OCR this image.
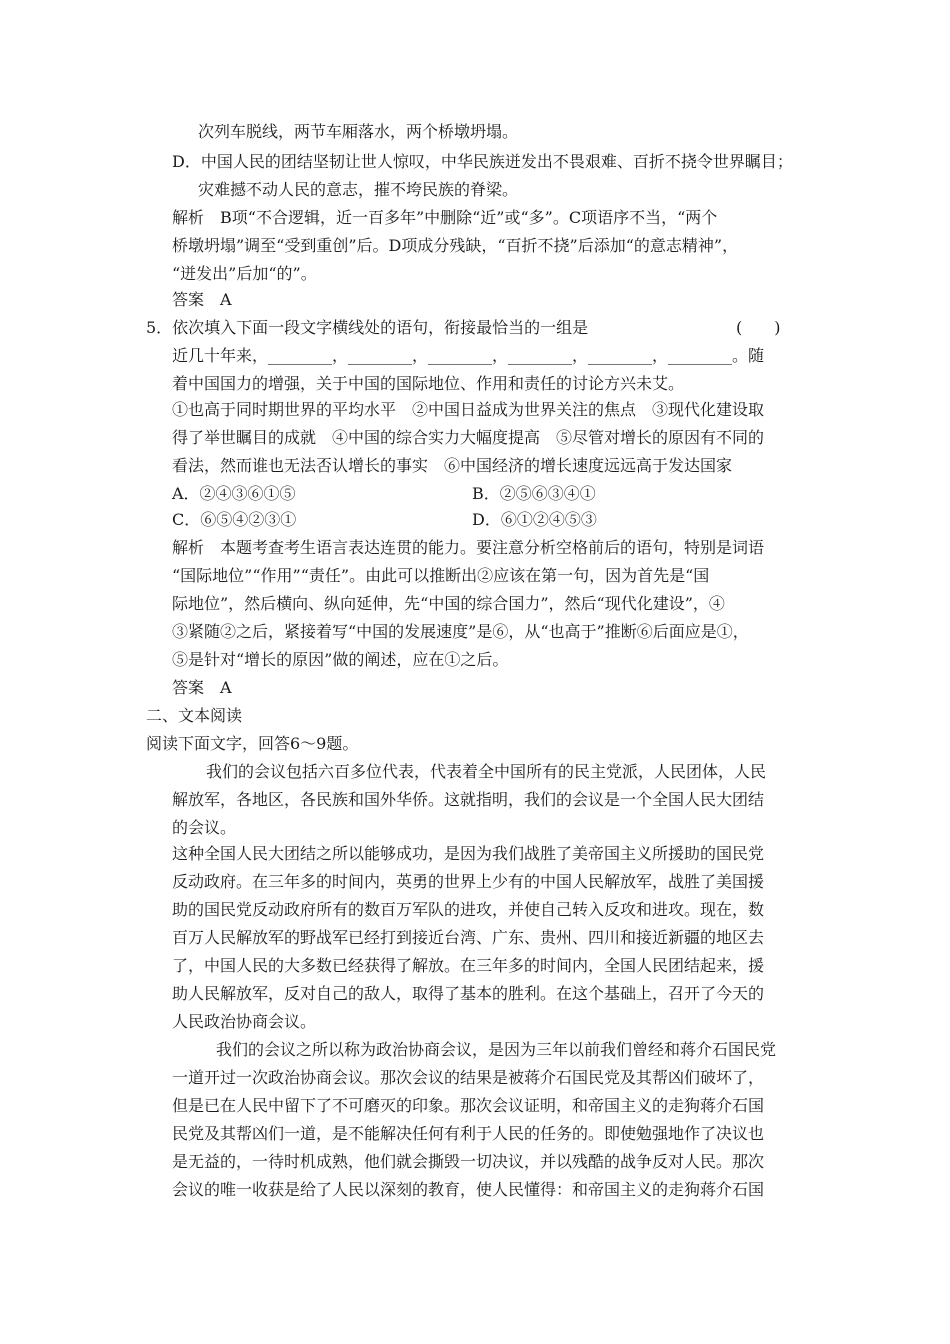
次列车脱线，两节车厢落水，两个桥墩坍塌。
D．中国人民的团结坚韧让世人惊叹，中华民族迸发出不畏艰难、百折不挠令世界瞩目；
灾难撼不动人民的意志，摧不垮民族的脊梁。
解析　B项“不合逻辑，近一百多年”中删除“近”或“多”。C项语序不当，“两个
桥墩坍塌”调至“受到重创”后。D项成分残缺，“百折不挠”后添加“的意志精神”，
“迸发出”后加“的”。
答案　A
5．依次填入下面一段文字横线处的语句，衔接最恰当的一组是	(　　)
近几十年来，________，________，________，________，________，________。随
着中国国力的增强，关于中国的国际地位、作用和责任的讨论方兴未艾。
①也高于同时期世界的平均水平　②中国日益成为世界关注的焦点　③现代化建设取
得了举世瞩目的成就　④中国的综合实力大幅度提高　⑤尽管对增长的原因有不同的
看法，然而谁也无法否认增长的事实　⑥中国经济的增长速度远远高于发达国家
A．②④③⑥①⑤	B．②⑤⑥③④①
C．⑥⑤④②③①	D．⑥①②④⑤③
解析　本题考查考生语言表达连贯的能力。要注意分析空格前后的语句，特别是词语
“国际地位”“作用”“责任”。由此可以推断出②应该在第一句，因为首先是“国
际地位”，然后横向、纵向延伸，先“中国的综合国力”，然后“现代化建设”，④
③紧随②之后，紧接着写“中国的发展速度”是⑥，从“也高于”推断⑥后面应是①，
⑤是针对“增长的原因”做的阐述，应在①之后。
答案　A
二、文本阅读
阅读下面文字，回答6～9题。
我们的会议包括六百多位代表，代表着全中国所有的民主党派，人民团体，人民
解放军，各地区，各民族和国外华侨。这就指明，我们的会议是一个全国人民大团结
的会议。
这种全国人民大团结之所以能够成功，是因为我们战胜了美帝国主义所援助的国民党
反动政府。在三年多的时间内，英勇的世界上少有的中国人民解放军，战胜了美国援
助的国民党反动政府所有的数百万军队的进攻，并使自己转入反攻和进攻。现在，数
百万人民解放军的野战军已经打到接近台湾、广东、贵州、四川和接近新疆的地区去
了，中国人民的大多数已经获得了解放。在三年多的时间内，全国人民团结起来，援
助人民解放军，反对自己的敌人，取得了基本的胜利。在这个基础上，召开了今天的
人民政治协商会议。
我们的会议之所以称为政治协商会议，是因为三年以前我们曾经和蒋介石国民党
一道开过一次政治协商会议。那次会议的结果是被蒋介石国民党及其帮凶们破坏了，
但是已在人民中留下了不可磨灭的印象。那次会议证明，和帝国主义的走狗蒋介石国
民党及其帮凶们一道，是不能解决任何有利于人民的任务的。即使勉强地作了决议也
是无益的，一待时机成熟，他们就会撕毁一切决议，并以残酷的战争反对人民。那次
会议的唯一收获是给了人民以深刻的教育，使人民懂得：和帝国主义的走狗蒋介石国
